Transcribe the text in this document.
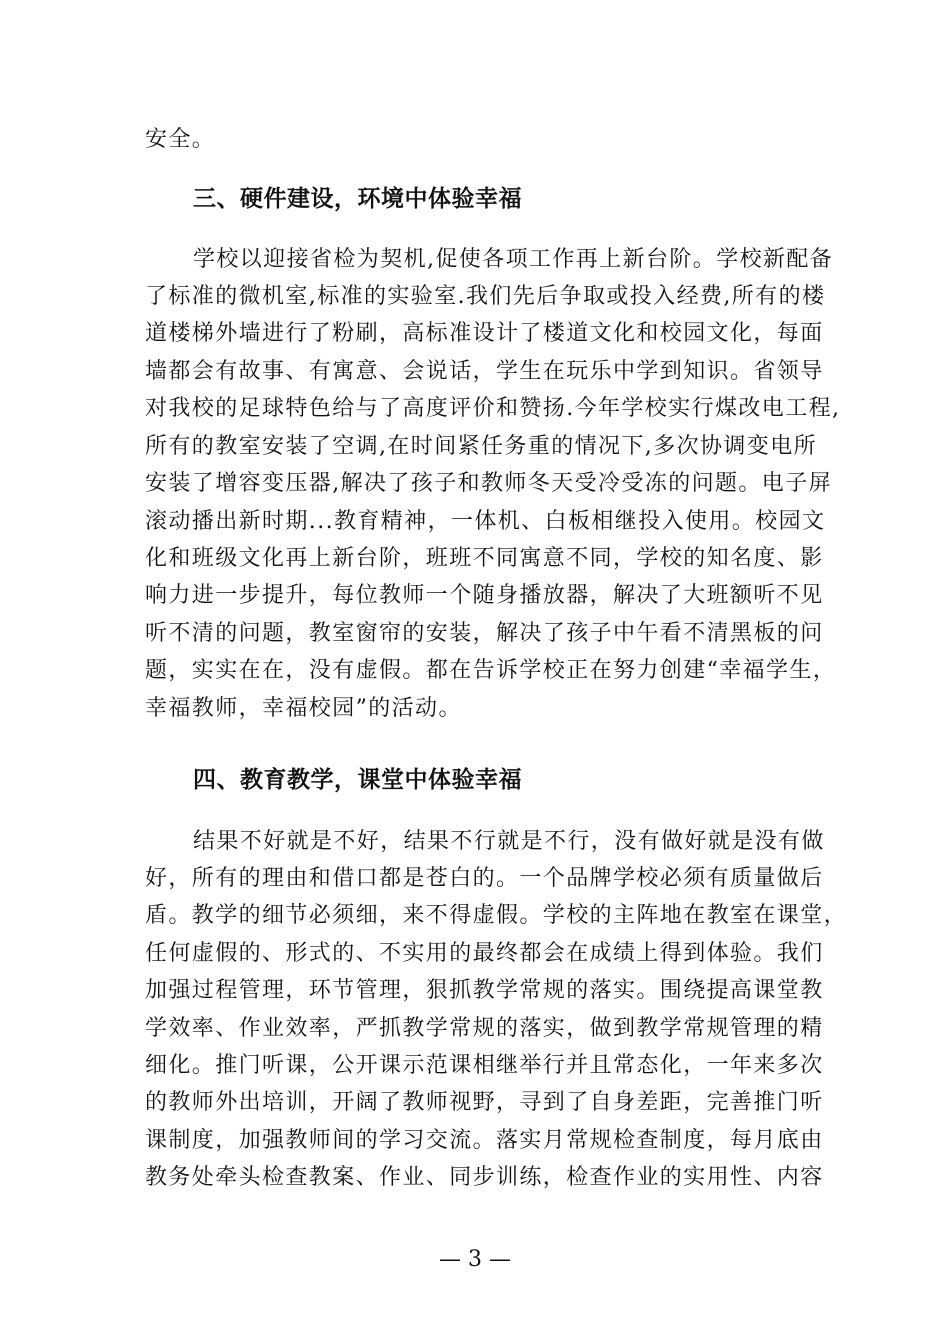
安全。
三、硬件建设，环境中体验幸福
学校以迎接省检为契机,促使各项工作再上新台阶。学校新配备
了标准的微机室,标准的实验室.我们先后争取或投入经费,所有的楼
道楼梯外墙进行了粉刷，高标准设计了楼道文化和校园文化，每面
墙都会有故事、有寓意、会说话，学生在玩乐中学到知识。省领导
对我校的足球特色给与了高度评价和赞扬.今年学校实行煤改电工程,
所有的教室安装了空调,在时间紧任务重的情况下,多次协调变电所
安装了增容变压器,解决了孩子和教师冬天受冷受冻的问题。电子屏
滚动播出新时期...教育精神，一体机、白板相继投入使用。校园文
化和班级文化再上新台阶，班班不同寓意不同，学校的知名度、影
响力进一步提升，每位教师一个随身播放器，解决了大班额听不见
听不清的问题，教室窗帘的安装，解决了孩子中午看不清黑板的问
题，实实在在，没有虚假。都在告诉学校正在努力创建“幸福学生，
幸福教师，幸福校园”的活动。
四、教育教学，课堂中体验幸福
结果不好就是不好，结果不行就是不行，没有做好就是没有做
好，所有的理由和借口都是苍白的。一个品牌学校必须有质量做后
盾。教学的细节必须细，来不得虚假。学校的主阵地在教室在课堂，
任何虚假的、形式的、不实用的最终都会在成绩上得到体验。我们
加强过程管理，环节管理，狠抓教学常规的落实。围绕提高课堂教
学效率、作业效率，严抓教学常规的落实，做到教学常规管理的精
细化。推门听课，公开课示范课相继举行并且常态化，一年来多次
的教师外出培训，开阔了教师视野，寻到了自身差距，完善推门听
课制度，加强教师间的学习交流。落实月常规检查制度，每月底由
教务处牵头检查教案、作业、同步训练，检查作业的实用性、内容
— 3 —
